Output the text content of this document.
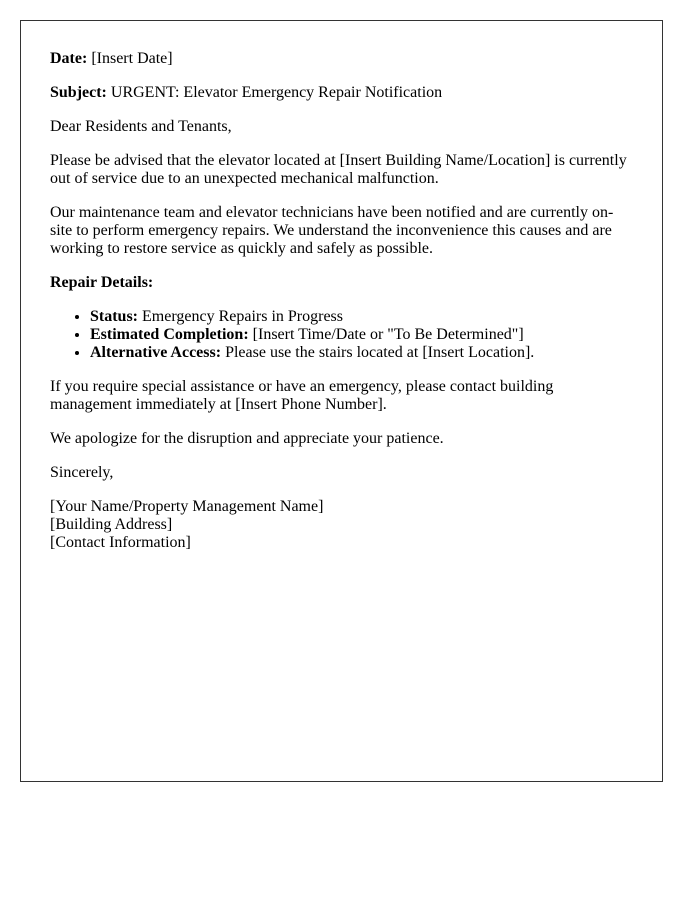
Date: [Insert Date]

Subject: URGENT: Elevator Emergency Repair Notification

Dear Residents and Tenants,

Please be advised that the elevator located at [Insert Building Name/Location] is currently out of service due to an unexpected mechanical malfunction.

Our maintenance team and elevator technicians have been notified and are currently on-site to perform emergency repairs. We understand the inconvenience this causes and are working to restore service as quickly and safely as possible.

Repair Details:

• Status: Emergency Repairs in Progress
• Estimated Completion: [Insert Time/Date or "To Be Determined"]
• Alternative Access: Please use the stairs located at [Insert Location].

If you require special assistance or have an emergency, please contact building management immediately at [Insert Phone Number].

We apologize for the disruption and appreciate your patience.

Sincerely,

[Your Name/Property Management Name]
[Building Address]
[Contact Information]
